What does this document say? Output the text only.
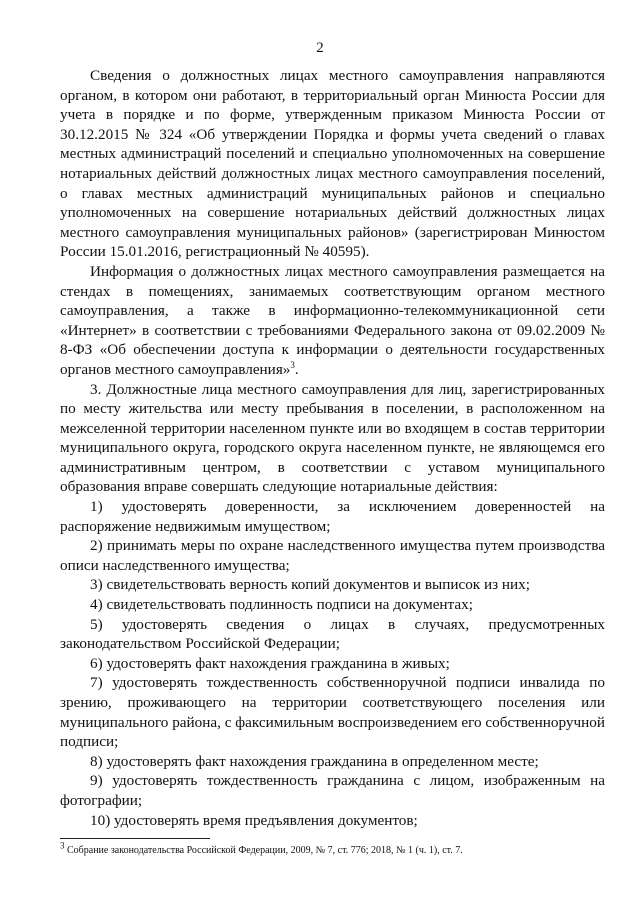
2

Сведения о должностных лицах местного самоуправления направляются органом, в котором они работают, в территориальный орган Минюста России для учета в порядке и по форме, утвержденным приказом Минюста России от 30.12.2015 № 324 «Об утверждении Порядка и формы учета сведений о главах местных администраций поселений и специально уполномоченных на совершение нотариальных действий должностных лицах местного самоуправления поселений, о главах местных администраций муниципальных районов и специально уполномоченных на совершение нотариальных действий должностных лицах местного самоуправления муниципальных районов» (зарегистрирован Минюстом России 15.01.2016, регистрационный № 40595).

Информация о должностных лицах местного самоуправления размещается на стендах в помещениях, занимаемых соответствующим органом местного самоуправления, а также в информационно-телекоммуникационной сети «Интернет» в соответствии с требованиями Федерального закона от 09.02.2009 № 8-ФЗ «Об обеспечении доступа к информации о деятельности государственных органов местного самоуправления»$^3$.

3. Должностные лица местного самоуправления для лиц, зарегистрированных по месту жительства или месту пребывания в поселении, в расположенном на межселенной территории населенном пункте или во входящем в состав территории муниципального округа, городского округа населенном пункте, не являющемся его административным центром, в соответствии с уставом муниципального образования вправе совершать следующие нотариальные действия:

1) удостоверять доверенности, за исключением доверенностей на распоряжение недвижимым имуществом;

2) принимать меры по охране наследственного имущества путем производства описи наследственного имущества;

3) свидетельствовать верность копий документов и выписок из них;

4) свидетельствовать подлинность подписи на документах;

5) удостоверять сведения о лицах в случаях, предусмотренных законодательством Российской Федерации;

6) удостоверять факт нахождения гражданина в живых;

7) удостоверять тождественность собственноручной подписи инвалида по зрению, проживающего на территории соответствующего поселения или муниципального района, с факсимильным воспроизведением его собственноручной подписи;

8) удостоверять факт нахождения гражданина в определенном месте;

9) удостоверять тождественность гражданина с лицом, изображенным на фотографии;

10) удостоверять время предъявления документов;

$^3$ Собрание законодательства Российской Федерации, 2009, № 7, ст. 776; 2018, № 1 (ч. 1), ст. 7.
